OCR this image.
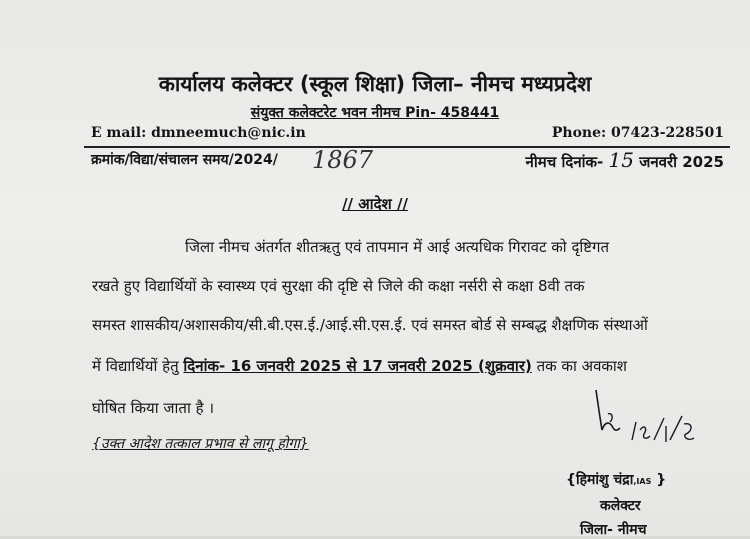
कार्यालय कलेक्टर (स्कूल शिक्षा) जिला– नीमच मध्यप्रदेश
संयुक्त कलेक्टरेट भवन नीमच Pin- 458441
E mail: dmneemuch@nic.in	Phone: 07423-228501
क्रमांक/विद्या/संचालन समय/2024/ 1867	नीमच दिनांक- 15 जनवरी 2025
// आदेश //
जिला नीमच अंतर्गत शीतऋतु एवं तापमान में आई अत्यधिक गिरावट को दृष्टिगत
रखते हुए विद्यार्थियों के स्वास्थ्य एवं सुरक्षा की दृष्टि से जिले की कक्षा नर्सरी से कक्षा 8वी तक
समस्त शासकीय/अशासकीय/सी.बी.एस.ई./आई.सी.एस.ई. एवं समस्त बोर्ड से सम्बद्ध शैक्षणिक संस्थाओं
में विद्यार्थियों हेतु दिनांक- 16 जनवरी 2025 से 17 जनवरी 2025 (शुक्रवार) तक का अवकाश
घोषित किया जाता है ।
{उक्त आदेश तत्काल प्रभाव से लागू होगा}
{हिमांशु चंद्रा,IAS }
कलेक्टर
जिला- नीमच
